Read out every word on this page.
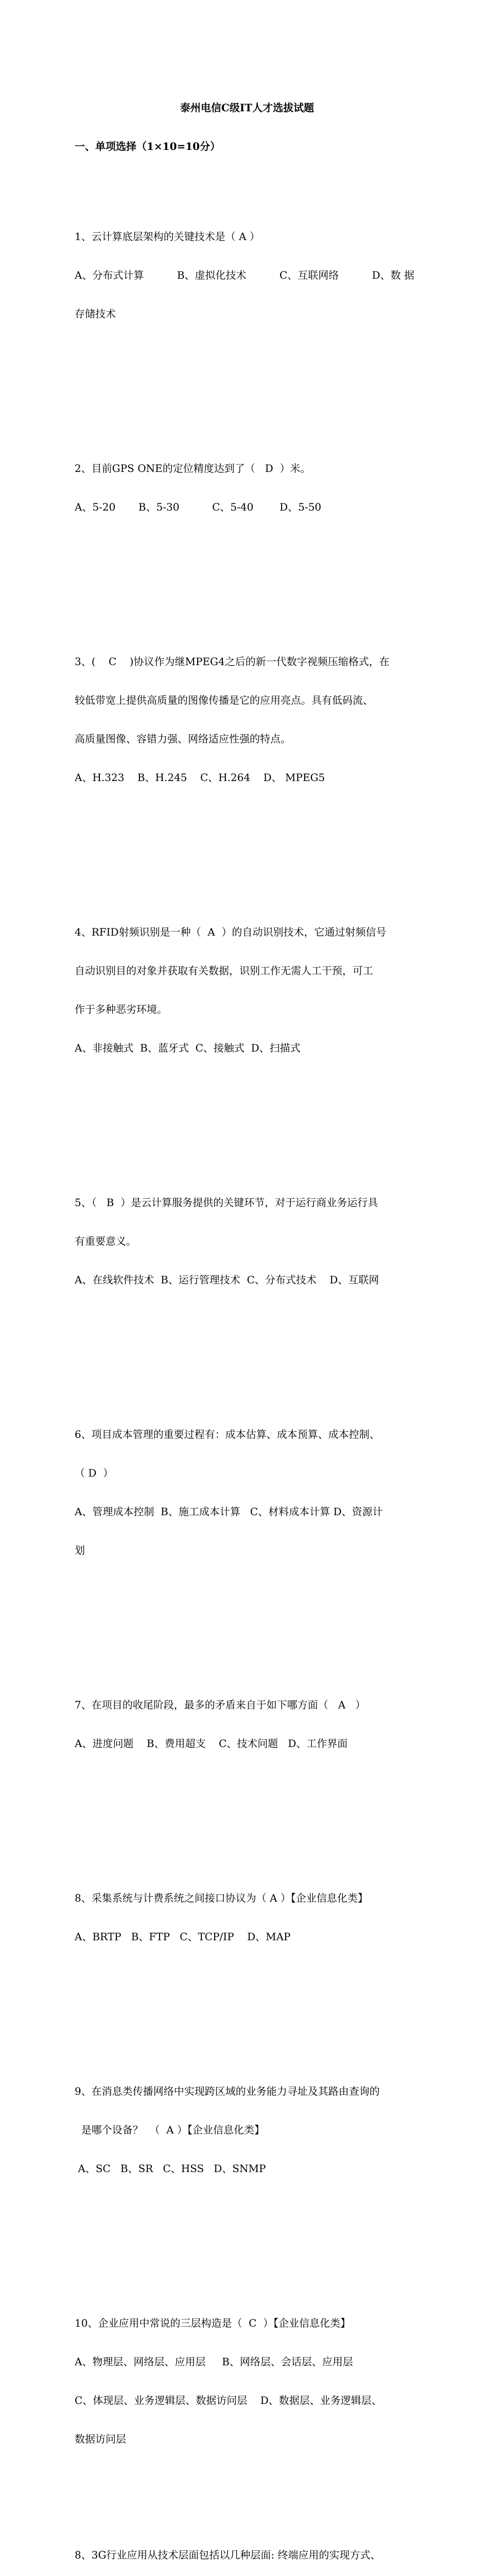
泰州电信C级IT人才选拔试题

一、单项选择（1×10=10分）

1、云计算底层架构的关键技术是（ A ）

A、分布式计算	B、虚拟化技术	C、互联网络	D、数 据

存储技术

2、目前GPS ONE的定位精度达到了（   D  ）米。

A、5-20       B、5-30          C、5-40        D、5-50

3、(    C    )协议作为继MPEG4之后的新一代数字视频压缩格式，在

较低带宽上提供高质量的图像传播是它的应用亮点。具有低码流、

高质量图像、容错力强、网络适应性强的特点。

A、H.323    B、H.245    C、H.264    D、 MPEG5

4、RFID射频识别是一种（  A  ）的自动识别技术，它通过射频信号

自动识别目的对象并获取有关数据，识别工作无需人工干预，可工

作于多种恶劣环境。

A、非接触式  B、蓝牙式  C、接触式  D、扫描式

5、（   B  ）是云计算服务提供的关键环节，对于运行商业务运行具

有重要意义。

A、在线软件技术  B、运行管理技术  C、分布式技术    D、互联网

6、项目成本管理的重要过程有：成本估算、成本预算、成本控制、

（ D  ）

A、管理成本控制  B、施工成本计算   C、材料成本计算 D、资源计

划

7、在项目的收尾阶段，最多的矛盾来自于如下哪方面（   A   ）

A、进度问题    B、费用超支    C、技术问题   D、工作界面

8、采集系统与计费系统之间接口协议为（ A ）【企业信息化类】

A、BRTP   B、FTP   C、TCP/IP    D、MAP

9、在消息类传播网络中实现跨区域的业务能力寻址及其路由查询的

是哪个设备？  （  A ）【企业信息化类】

A、SC   B、SR   C、HSS   D、SNMP

10、企业应用中常说的三层构造是（  C  ）【企业信息化类】

A、物理层、网络层、应用层     B、网络层、会话层、应用层

C、体现层、业务逻辑层、数据访问层    D、数据层、业务逻辑层、

数据访问层

8、3G行业应用从技术层面包括以几种层面: 终端应用的实现方式、
